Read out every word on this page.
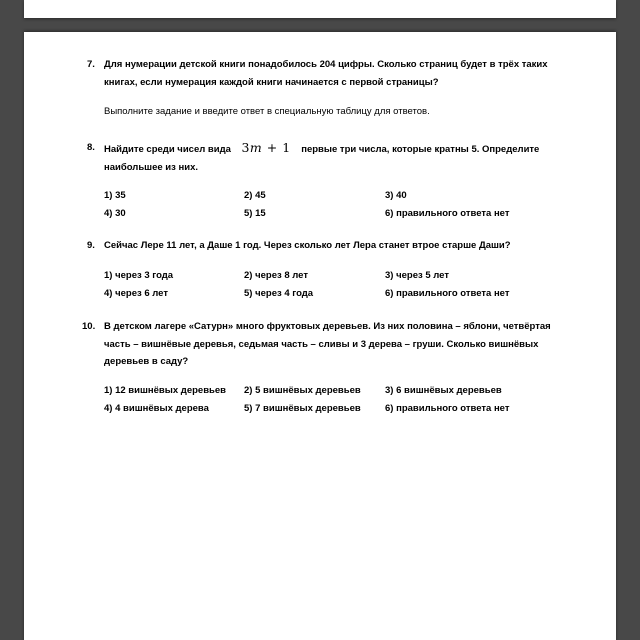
7. Для нумерации детской книги понадобилось 204 цифры. Сколько страниц будет в трёх таких
книгах, если нумерация каждой книги начинается с первой страницы?
Выполните задание и введите ответ в специальную таблицу для ответов.
8. Найдите среди чисел вида 3m + 1 первые три числа, которые кратны 5. Определите
наибольшее из них.
1) 35	2) 45	3) 40
4) 30	5) 15	6) правильного ответа нет
9. Сейчас Лере 11 лет, а Даше 1 год. Через сколько лет Лера станет втрое старше Даши?
1) через 3 года	2) через 8 лет	3) через 5 лет
4) через 6 лет	5) через 4 года	6) правильного ответа нет
10. В детском лагере «Сатурн» много фруктовых деревьев. Из них половина – яблони, четвёртая
часть – вишнёвые деревья, седьмая часть – сливы и 3 дерева – груши. Сколько вишнёвых
деревьев в саду?
1) 12 вишнёвых деревьев 2) 5 вишнёвых деревьев	3) 6 вишнёвых деревьев
4) 4 вишнёвых дерева	5) 7 вишнёвых деревьев	6) правильного ответа нет
